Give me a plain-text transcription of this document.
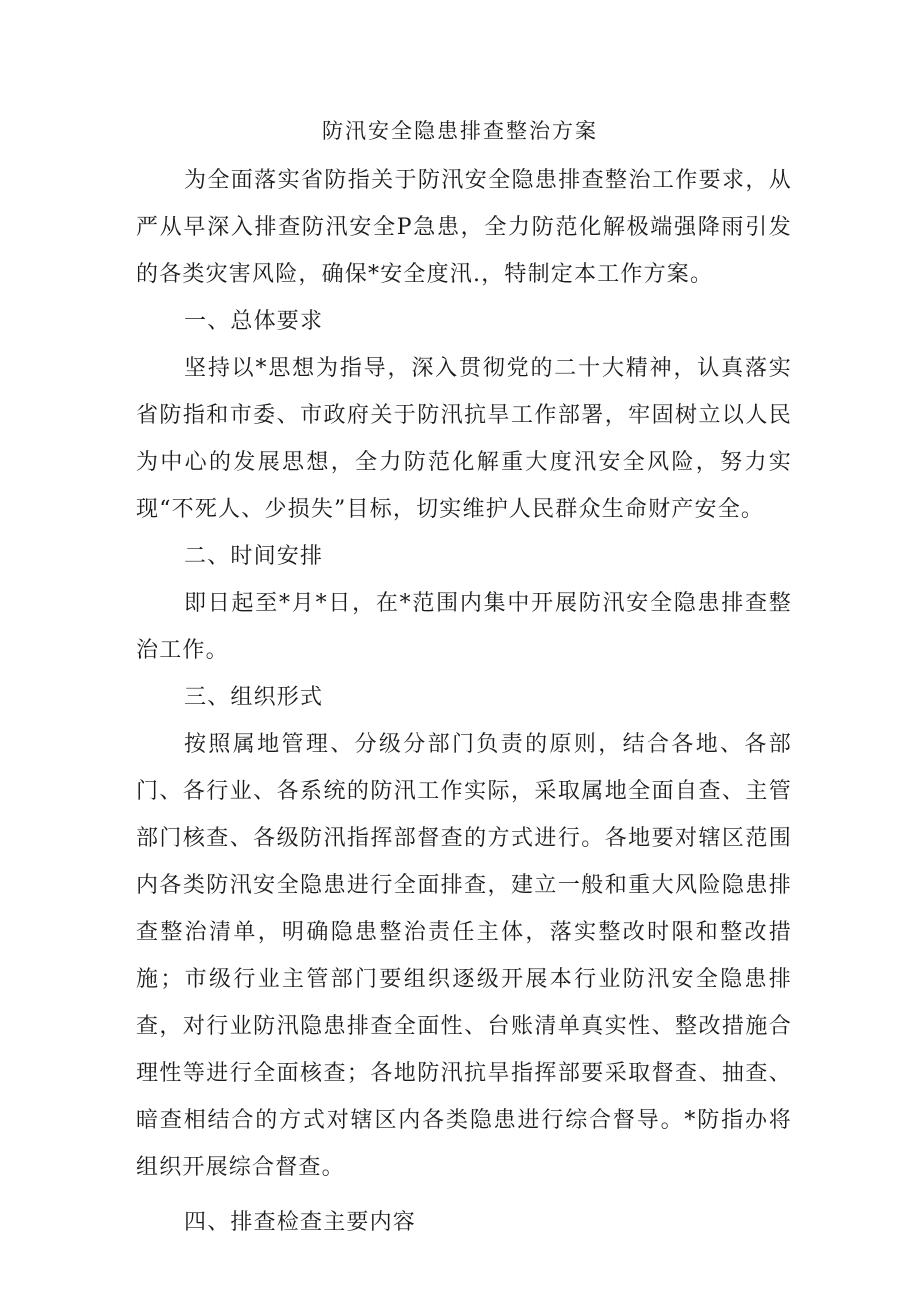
防汛安全隐患排查整治方案

为全面落实省防指关于防汛安全隐患排查整治工作要求，从严从早深入排查防汛安全P急患，全力防范化解极端强降雨引发的各类灾害风险，确保*安全度汛.，特制定本工作方案。

一、总体要求

坚持以*思想为指导，深入贯彻党的二十大精神，认真落实省防指和市委、市政府关于防汛抗旱工作部署，牢固树立以人民为中心的发展思想，全力防范化解重大度汛安全风险，努力实现“不死人、少损失”目标，切实维护人民群众生命财产安全。

二、时间安排

即日起至*月*日，在*范围内集中开展防汛安全隐患排查整治工作。

三、组织形式

按照属地管理、分级分部门负责的原则，结合各地、各部门、各行业、各系统的防汛工作实际，采取属地全面自查、主管部门核查、各级防汛指挥部督查的方式进行。各地要对辖区范围内各类防汛安全隐患进行全面排查，建立一般和重大风险隐患排查整治清单，明确隐患整治责任主体，落实整改时限和整改措施；市级行业主管部门要组织逐级开展本行业防汛安全隐患排查，对行业防汛隐患排查全面性、台账清单真实性、整改措施合理性等进行全面核查；各地防汛抗旱指挥部要采取督查、抽查、暗查相结合的方式对辖区内各类隐患进行综合督导。*防指办将组织开展综合督查。

四、排查检查主要内容
